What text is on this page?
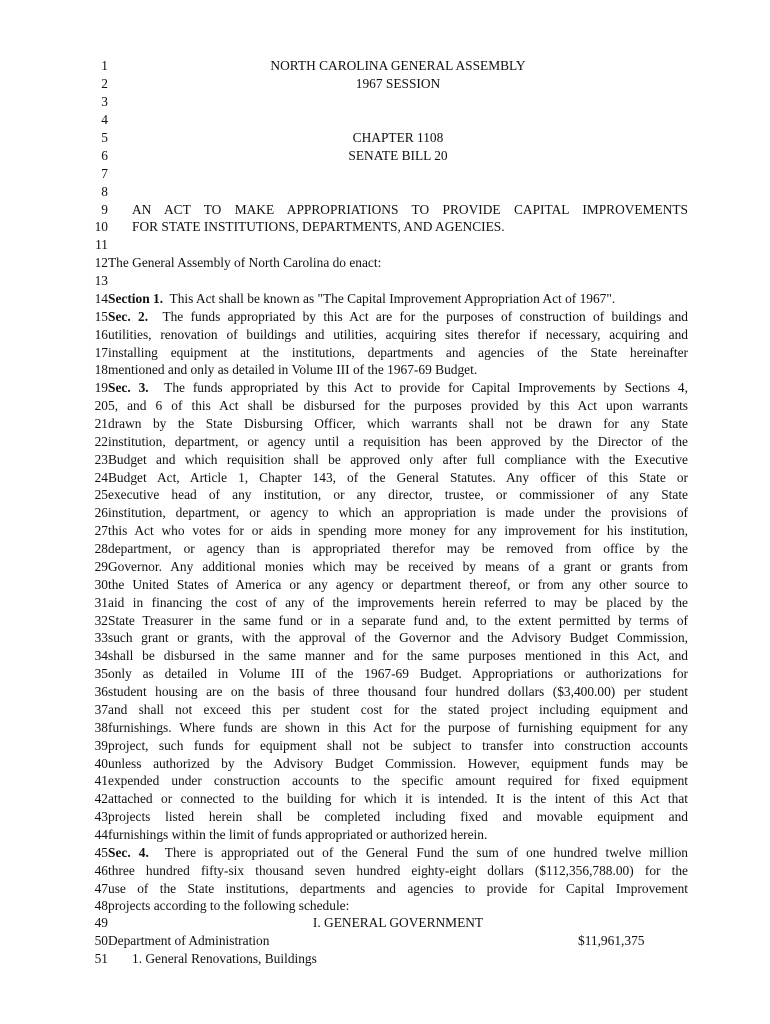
1	NORTH CAROLINA GENERAL ASSEMBLY
2	1967 SESSION
3
4
5	CHAPTER 1108
6	SENATE BILL 20
7
8
9 AN ACT TO MAKE APPROPRIATIONS TO PROVIDE CAPITAL IMPROVEMENTS
10 FOR STATE INSTITUTIONS, DEPARTMENTS, AND AGENCIES.
11
12 The General Assembly of North Carolina do enact:
13
14 Section 1. This Act shall be known as "The Capital Improvement Appropriation Act of 1967".
15 Sec. 2. The funds appropriated by this Act are for the purposes of construction of buildings and
16 utilities, renovation of buildings and utilities, acquiring sites therefor if necessary, acquiring and
17 installing equipment at the institutions, departments and agencies of the State hereinafter
18 mentioned and only as detailed in Volume III of the 1967-69 Budget.
19 Sec. 3. The funds appropriated by this Act to provide for Capital Improvements by Sections 4,
20 5, and 6 of this Act shall be disbursed for the purposes provided by this Act upon warrants
21 drawn by the State Disbursing Officer, which warrants shall not be drawn for any State
22 institution, department, or agency until a requisition has been approved by the Director of the
23 Budget and which requisition shall be approved only after full compliance with the Executive
24 Budget Act, Article 1, Chapter 143, of the General Statutes. Any officer of this State or
25 executive head of any institution, or any director, trustee, or commissioner of any State
26 institution, department, or agency to which an appropriation is made under the provisions of
27 this Act who votes for or aids in spending more money for any improvement for his institution,
28 department, or agency than is appropriated therefor may be removed from office by the
29 Governor. Any additional monies which may be received by means of a grant or grants from
30 the United States of America or any agency or department thereof, or from any other source to
31 aid in financing the cost of any of the improvements herein referred to may be placed by the
32 State Treasurer in the same fund or in a separate fund and, to the extent permitted by terms of
33 such grant or grants, with the approval of the Governor and the Advisory Budget Commission,
34 shall be disbursed in the same manner and for the same purposes mentioned in this Act, and
35 only as detailed in Volume III of the 1967-69 Budget. Appropriations or authorizations for
36 student housing are on the basis of three thousand four hundred dollars ($3,400.00) per student
37 and shall not exceed this per student cost for the stated project including equipment and
38 furnishings. Where funds are shown in this Act for the purpose of furnishing equipment for any
39 project, such funds for equipment shall not be subject to transfer into construction accounts
40 unless authorized by the Advisory Budget Commission. However, equipment funds may be
41 expended under construction accounts to the specific amount required for fixed equipment
42 attached or connected to the building for which it is intended. It is the intent of this Act that
43 projects listed herein shall be completed including fixed and movable equipment and
44 furnishings within the limit of funds appropriated or authorized herein.
45 Sec. 4. There is appropriated out of the General Fund the sum of one hundred twelve million
46 three hundred fifty-six thousand seven hundred eighty-eight dollars ($112,356,788.00) for the
47 use of the State institutions, departments and agencies to provide for Capital Improvement
48 projects according to the following schedule:
49	I. GENERAL GOVERNMENT
50 Department of Administration	$11,961,375
51 1. General Renovations, Buildings
